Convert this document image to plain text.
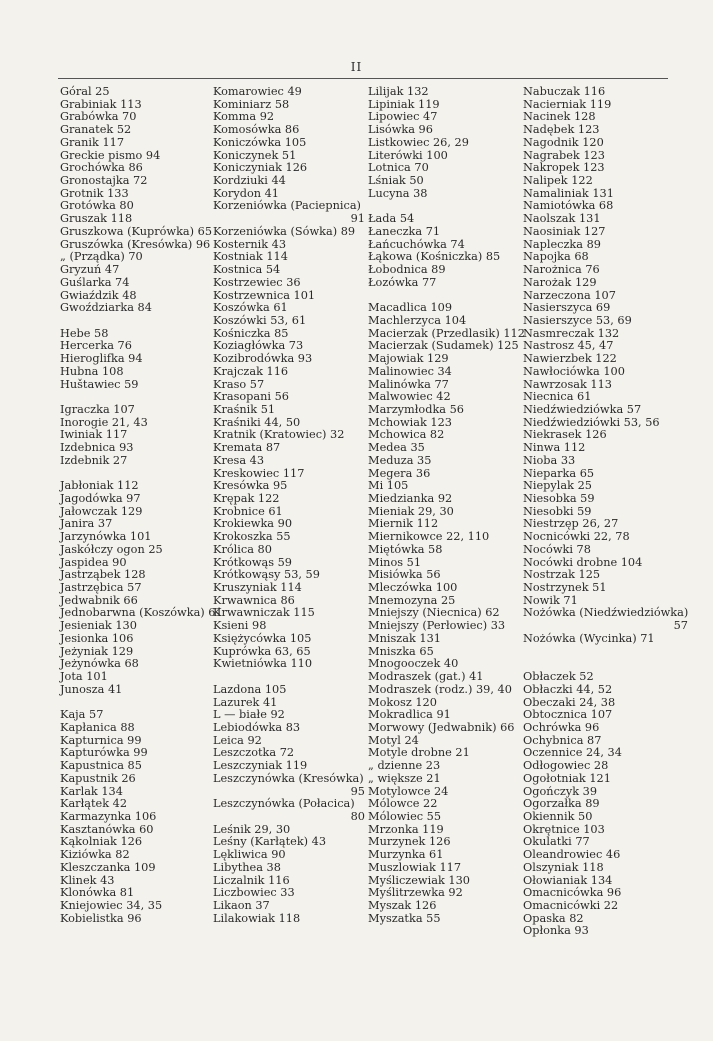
II
Góral 25
Grabiniak 113
Grabówka 70
Granatek 52
Granik 117
Greckie pismo 94
Grochówka 86
Gronostajka 72
Grotnik 133
Grotówka 80
Gruszak 118
Gruszkowa (Kuprówka) 65
Gruszówka (Kresówka) 96
„ (Prządka) 70
Gryzuń 47
Guślarka 74
Gwiaździk 48
Gwoździarka 84
Hebe 58
Hercerka 76
Hieroglifka 94
Hubna 108
Huštawiec 59
Igraczka 107
Inorogie 21, 43
Iwiniak 117
Izdebnica 93
Izdebnik 27
Jabłoniak 112
Jagodówka 97
Jałowczak 129
Janira 37
Jarzynówka 101
Jaskółczy ogon 25
Jaspidea 90
Jastrząbek 128
Jastrzębica 57
Jedwabnik 66
Jednobarwna (Koszówka) 61
Jesieniak 130
Jesionka 106
Jeżyniak 129
Jeżynówka 68
Jota 101
Junosza 41
Kaja 57
Kapłanica 88
Kapturnica 99
Kapturówka 99
Kapustnica 85
Kapustnik 26
Karlak 134
Karłątek 42
Karmazynka 106
Kasztanówka 60
Kąkolniak 126
Kiziówka 82
Kleszczanka 109
Klinek 43
Klonówka 81
Kniejowiec 34, 35
Kobielistka 96
Komarowiec 49
Kominiarz 58
Komma 92
Komosówka 86
Koniczówka 105
Koniczynek 51
Koniczyniak 126
Kordziuki 44
Korydon 41
Korzeniówka (Paciepnica)
91
Korzeniówka (Sówka) 89
Kosternik 43
Kostniak 114
Kostnica 54
Kostrzewiec 36
Kostrzewnica 101
Koszówka 61
Koszówki 53, 61
Kośniczka 85
Koziagłówka 73
Kozibrodówka 93
Krajczak 116
Kraso 57
Krasopani 56
Kraśnik 51
Kraśniki 44, 50
Kratnik (Kratowiec) 32
Kremata 87
Kresa 43
Kreskowiec 117
Kresówka 95
Krępak 122
Krobnice 61
Krokiewka 90
Krokoszka 55
Królica 80
Krótkowąs 59
Krótkowąsy 53, 59
Kruszyniak 114
Krwawnica 86
Krwawniczak 115
Ksieni 98
Księżycówka 105
Kuprówka 63, 65
Kwietniówka 110
Lazdona 105
Lazurek 41
L — białe 92
Lebiodówka 83
Leica 92
Leszczotka 72
Leszczyniak 119
Leszczynówka (Kresówka)
95
Leszczynówka (Połacica)
80
Leśnik 29, 30
Leśny (Karłątek) 43
Lękliwica 90
Libythea 38
Liczalnik 116
Liczbowiec 33
Likaon 37
Lilakowiak 118
Lilijak 132
Lipiniak 119
Lipowiec 47
Lisówka 96
Listkowiec 26, 29
Literówki 100
Lotnica 70
Lśniak 50
Lucyna 38
Łada 54
Łaneczka 71
Łańcuchówka 74
Łąkowa (Kośniczka) 85
Łobodnica 89
Łozówka 77
Macadlica 109
Machlerzyca 104
Macierzak (Przedlasik) 112
Macierzak (Sudamek) 125
Majowiak 129
Malinowiec 34
Malinówka 77
Malwowiec 42
Marzymłodka 56
Mchowiak 123
Mchowica 82
Medea 35
Meduza 35
Megera 36
Mi 105
Miedzianka 92
Mieniak 29, 30
Miernik 112
Miernikowce 22, 110
Miętówka 58
Minos 51
Misiówka 56
Mleczówka 100
Mnemozyna 25
Mniejszy (Niecnica) 62
Mniejszy (Perłowiec) 33
Mniszak 131
Mniszka 65
Mnogooczek 40
Modraszek (gat.) 41
Modraszek (rodz.) 39, 40
Mokosz 120
Mokradlica 91
Morwowy (Jedwabnik) 66
Motyl 24
Motyle drobne 21
„ dzienne 23
„ większe 21
Motylowce 24
Mólowce 22
Mólowiec 55
Mrzonka 119
Murzynek 126
Murzynka 61
Muszlowiak 117
Myśliczewiak 130
Myślitrzewka 92
Myszak 126
Myszatka 55
Nabuczak 116
Nacierniak 119
Nacinek 128
Nadębek 123
Nagodnik 120
Nagrabek 123
Nakropek 123
Nalipek 122
Namaliniak 131
Namiotówka 68
Naolszak 131
Naosiniak 127
Napleczka 89
Napojka 68
Narożnica 76
Narożak 129
Narzeczona 107
Nasierszyca 69
Nasierszyce 53, 69
Nasmreczak 132
Nastrosz 45, 47
Nawierzbek 122
Nawłociówka 100
Nawrzosak 113
Niecnica 61
Niedźwiedziówka 57
Niedźwiedziówki 53, 56
Niekrasek 126
Ninwa 112
Nioba 33
Nieparka 65
Niepylak 25
Niesobka 59
Niesobki 59
Niestrzęp 26, 27
Nocnicówki 22, 78
Nocówki 78
Nocówki drobne 104
Nostrzak 125
Nostrzynek 51
Nowik 71
Nożówka (Niedźwiedziówka)
57
Nożówka (Wycinka) 71
Obłaczek 52
Obłaczki 44, 52
Obeczaki 24, 38
Obtocznica 107
Ochrówka 96
Ochybnica 87
Oczennice 24, 34
Odłogowiec 28
Ogołotniak 121
Ogończyk 39
Ogorzałka 89
Okiennik 50
Okrętnice 103
Okulatki 77
Oleandrowiec 46
Olszyniak 118
Ołowianiak 134
Omacnicówka 96
Omacnicówki 22
Opaska 82
Opłonka 93
